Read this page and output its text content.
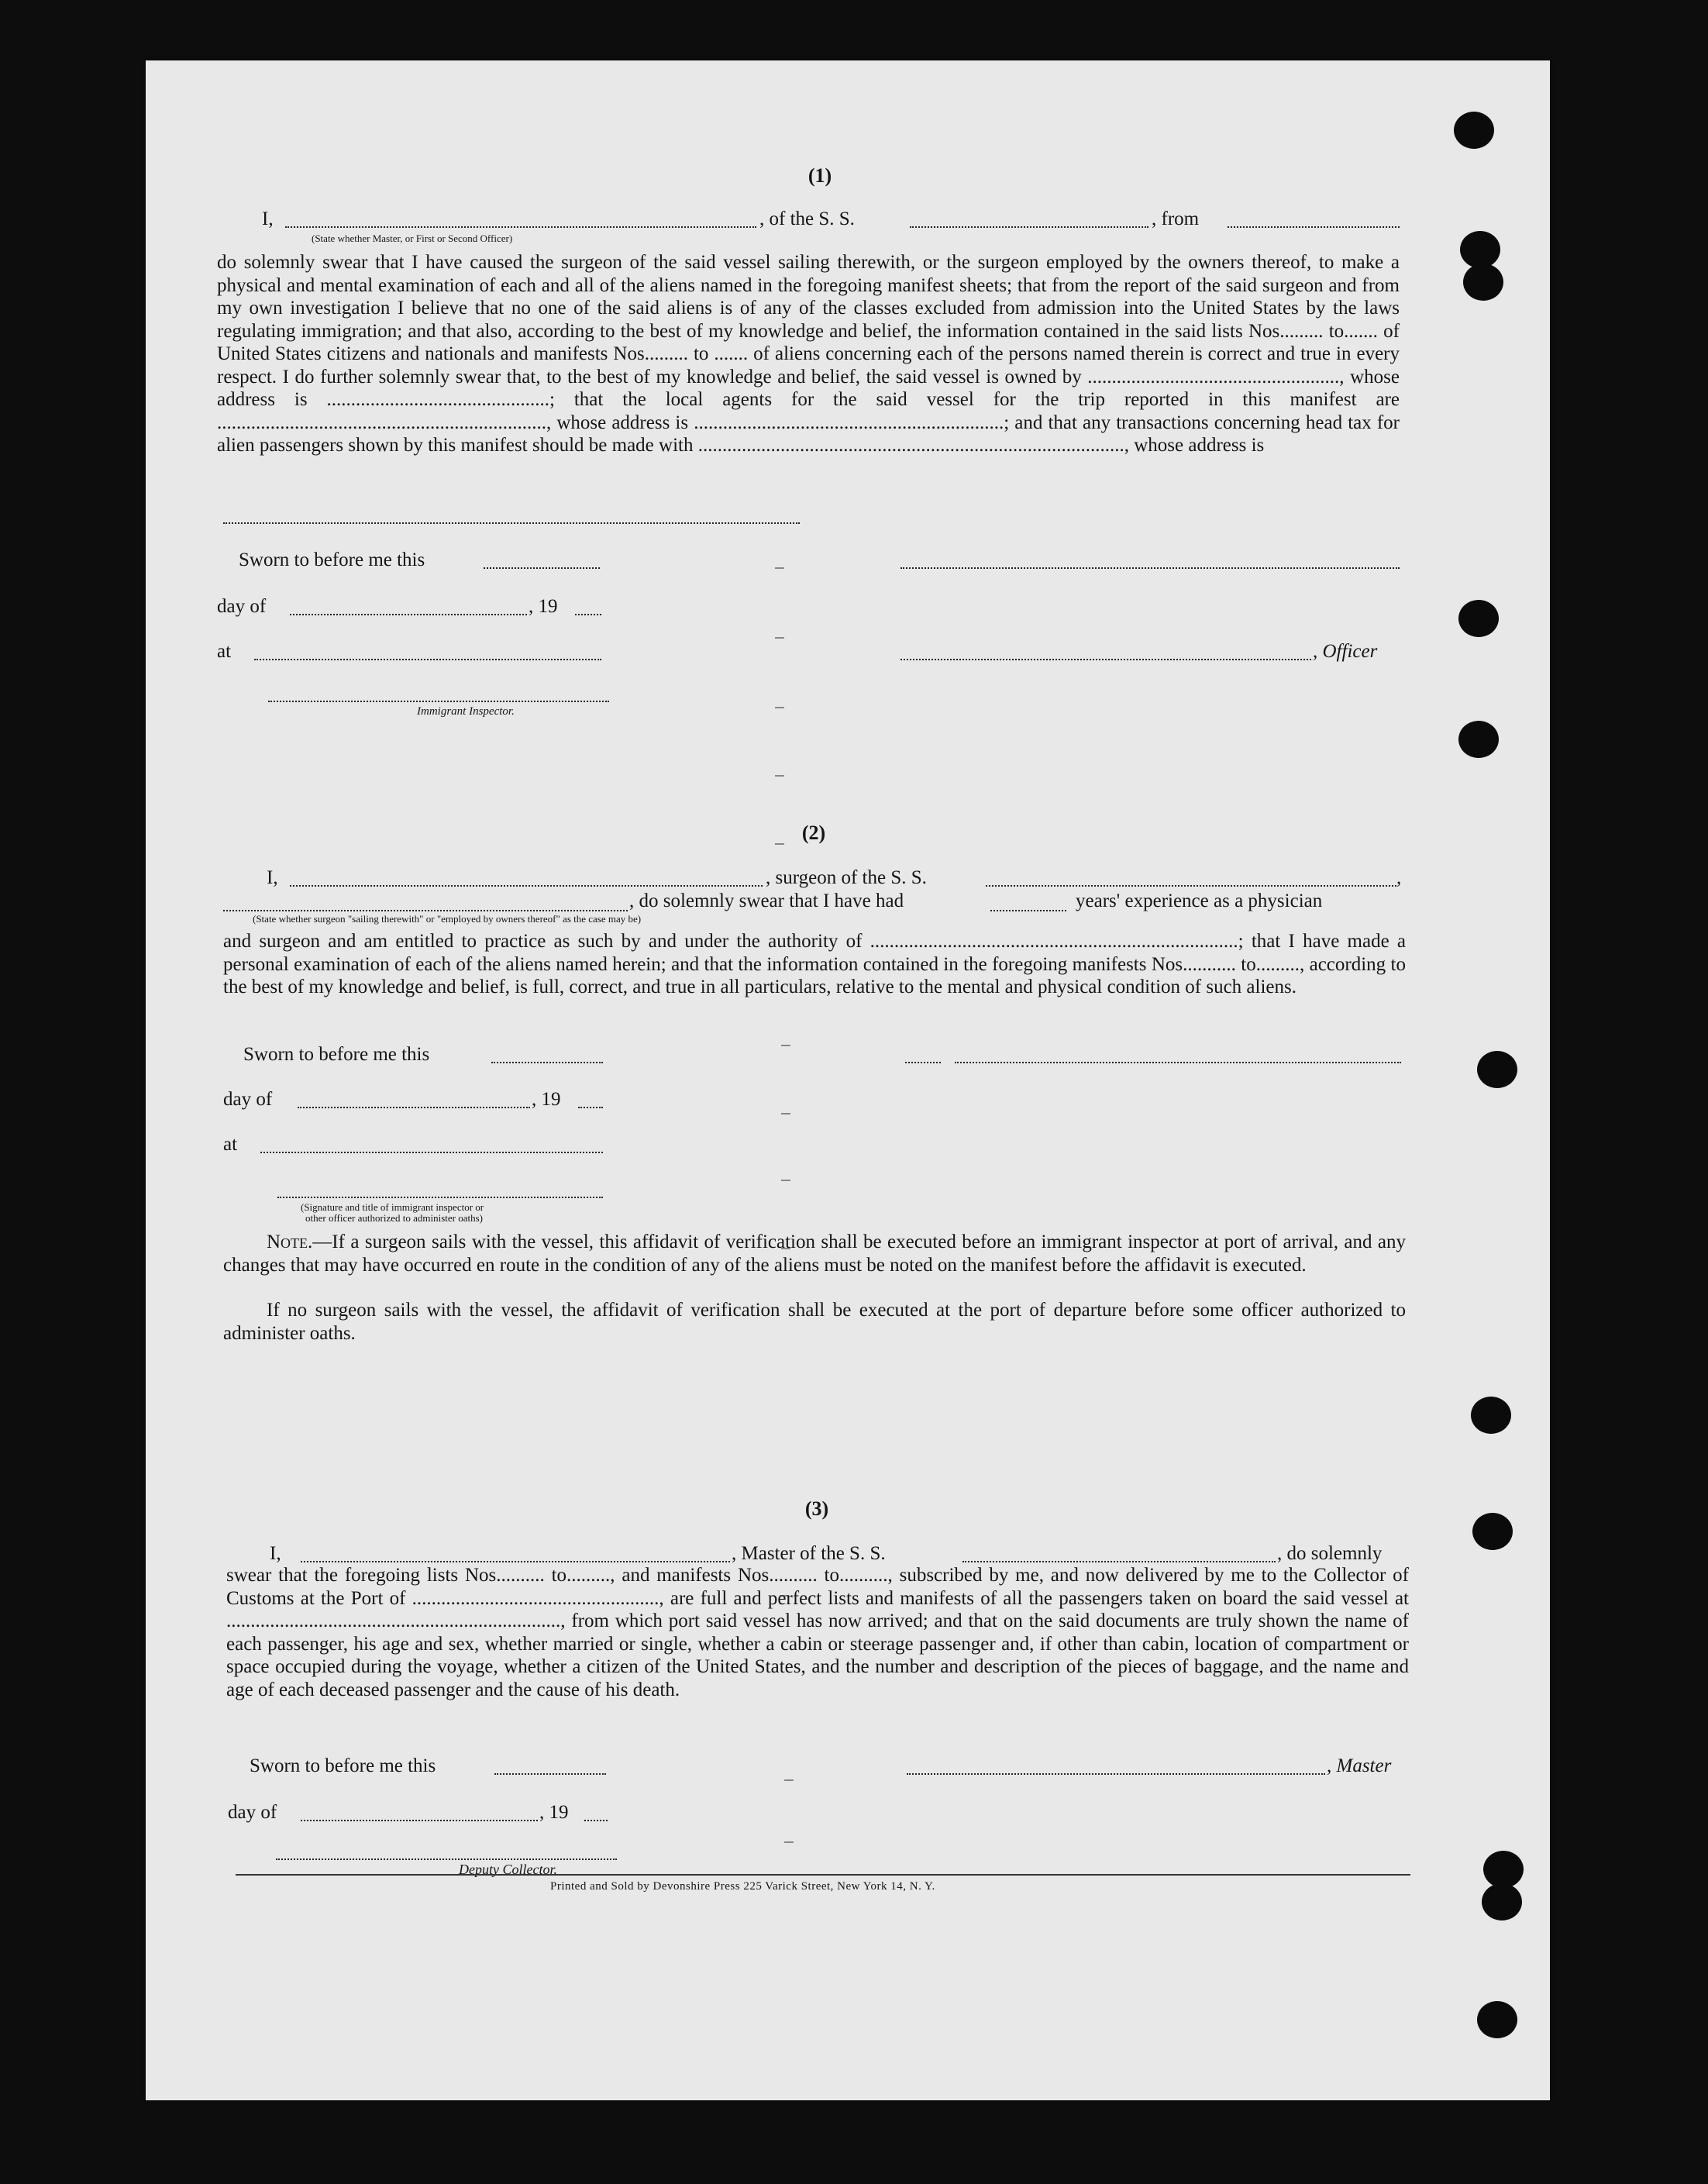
(1)
I,
(State whether Master, or First or Second Officer)
, of the S. S.	, from
do solemnly swear that I have caused the surgeon of the said vessel sailing therewith, or the surgeon employed by the owners thereof, to make a physical and mental examination of each and all of the aliens named in the foregoing manifest sheets; that from the report of the said surgeon and from my own investigation I believe that no one of the said aliens is of any of the classes excluded from admission into the United States by the laws regulating immigration; and that also, according to the best of my knowledge and belief, the information contained in the said lists Nos......... to....... of United States citizens and nationals and manifests Nos......... to ....... of aliens concerning each of the persons named therein is correct and true in every respect. I do further solemnly swear that, to the best of my knowledge and belief, the said vessel is owned by ...................................................., whose address is ..............................................; that the local agents for the said vessel for the trip reported in this manifest are ...................................................................., whose address is ................................................................; and that any transactions concerning head tax for alien passengers shown by this manifest should be made with ........................................................................................, whose address is
Sworn to before me this
day of	, 19
at	, Officer
Immigrant Inspector.
(2)
I,	, surgeon of the S. S.	,
, do solemnly swear that I have had	years' experience as a physician
(State whether surgeon "sailing therewith" or "employed by owners thereof" as the case may be)
and surgeon and am entitled to practice as such by and under the authority of ............................................................................; that I have made a personal examination of each of the aliens named herein; and that the information contained in the foregoing manifests Nos........... to........., according to the best of my knowledge and belief, is full, correct, and true in all particulars, relative to the mental and physical condition of such aliens.
Sworn to before me this
day of	, 19
at
(Signature and title of immigrant inspector or
other officer authorized to administer oaths)
Note.—If a surgeon sails with the vessel, this affidavit of verification shall be executed before an immigrant inspector at port of arrival, and any changes that may have occurred en route in the condition of any of the aliens must be noted on the manifest before the affidavit is executed.
If no surgeon sails with the vessel, the affidavit of verification shall be executed at the port of departure before some officer authorized to administer oaths.
(3)
I,	, Master of the S. S.	, do solemnly
swear that the foregoing lists Nos.......... to........., and manifests Nos.......... to.........., subscribed by me, and now delivered by me to the Collector of Customs at the Port of ..................................................., are full and perfect lists and manifests of all the passengers taken on board the said vessel at ....................................................................., from which port said vessel has now arrived; and that on the said documents are truly shown the name of each passenger, his age and sex, whether married or single, whether a cabin or steerage passenger and, if other than cabin, location of compartment or space occupied during the voyage, whether a citizen of the United States, and the number and description of the pieces of baggage, and the name and age of each deceased passenger and the cause of his death.
Sworn to before me this	, Master
day of	, 19
Deputy Collector.
Printed and Sold by Devonshire Press 225 Varick Street, New York 14, N. Y.
